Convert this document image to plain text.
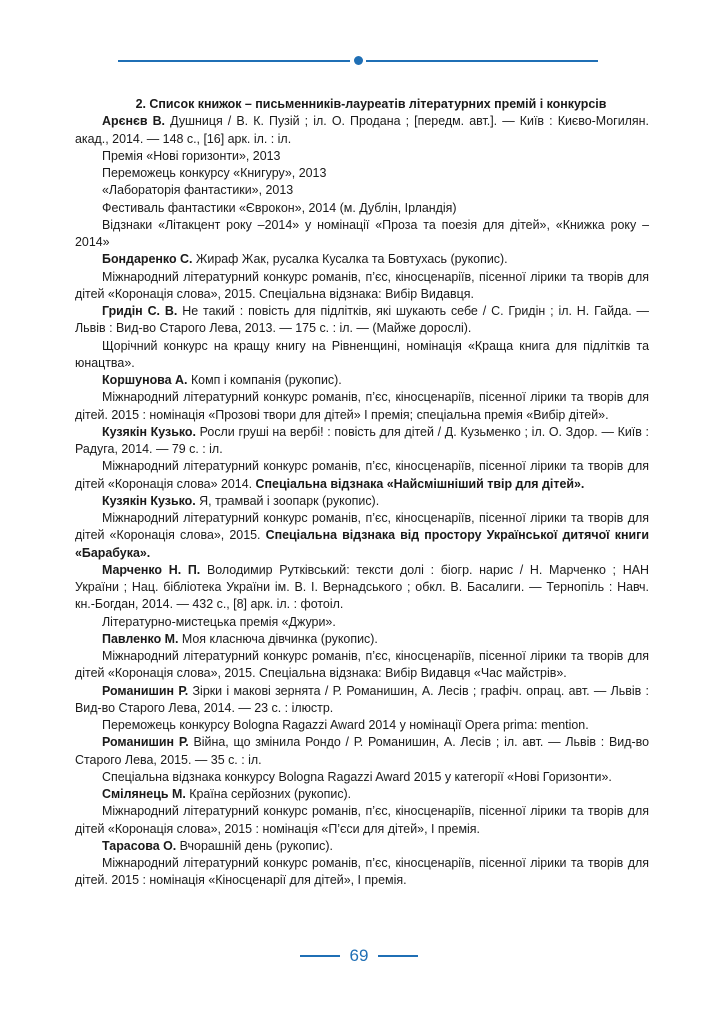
2. Список книжок – письменників-лауреатів літературних премій і конкурсів

Арєнєв В. Душниця / В. К. Пузій ; іл. О. Продана ; [передм. авт.]. — Київ : Києво-Могилян. акад., 2014. — 148 с., [16] арк. іл. : іл.

Премія «Нові горизонти», 2013

Переможець конкурсу «Книгуру», 2013

«Лабораторія фантастики», 2013

Фестиваль фантастики «Єврокон», 2014 (м. Дублін, Ірландія)

Відзнаки «Літакцент року –2014» у номінації «Проза та поезія для дітей», «Книжка року – 2014»

Бондаренко С. Жираф Жак, русалка Кусалка та Бовтухась (рукопис).

Міжнародний літературний конкурс романів, п’єс, кіносценаріїв, пісенної лірики та творів для дітей «Коронація слова», 2015. Спеціальна відзнака: Вибір Видавця.

Гридін С. В. Не такий : повість для підлітків, які шукають себе / С. Гридін ; іл. Н. Гайда. — Львів : Вид-во Старого Лева, 2013. — 175 с. : іл. — (Майже дорослі).

Щорічний конкурс на кращу книгу на Рівненщині, номінація «Краща книга для підлітків та юнацтва».

Коршунова А. Комп і компанія (рукопис).

Міжнародний літературний конкурс романів, п’єс, кіносценаріїв, пісенної лірики та творів для дітей. 2015 : номінація «Прозові твори для дітей» І премія; спеціальна премія «Вибір дітей».

Кузякін Кузько. Росли груші на вербі! : повість для дітей / Д. Кузьменко ; іл. О. Здор. — Київ : Радуга, 2014. — 79 с. : іл.

Міжнародний літературний конкурс романів, п’єс, кіносценаріїв, пісенної лірики та творів для дітей «Коронація слова» 2014. Спеціальна відзнака «Найсмішніший твір для дітей».

Кузякін Кузько. Я, трамвай і зоопарк (рукопис).

Міжнародний літературний конкурс романів, п’єс, кіносценаріїв, пісенної лірики та творів для дітей «Коронація слова», 2015. Спеціальна відзнака від простору Української дитячої книги «Барабука».

Марченко Н. П. Володимир Рутківський: тексти долі : біогр. нарис / Н. Марченко ; НАН України ; Нац. бібліотека України ім. В. І. Вернадського ; обкл. В. Басалиги. — Тернопіль : Навч. кн.-Богдан, 2014. — 432 с., [8] арк. іл. : фотоіл.

Літературно-мистецька премія «Джури».

Павленко М. Моя класнюча дівчинка (рукопис).

Міжнародний літературний конкурс романів, п’єс, кіносценаріїв, пісенної лірики та творів для дітей «Коронація слова», 2015. Спеціальна відзнака: Вибір Видавця «Час майстрів».

Романишин Р. Зірки і макові зернята / Р. Романишин, А. Лесів ; графіч. опрац. авт. — Львів : Вид-во Старого Лева, 2014. — 23 с. : ілюстр.

Переможець конкурсу Bologna Ragazzi Award 2014 у номінації Opera prima: mention.

Романишин Р. Війна, що змінила Рондо / Р. Романишин, А. Лесів ; іл. авт. — Львів : Вид-во Старого Лева, 2015. — 35 с. : іл.

Спеціальна відзнака конкурсу Bologna Ragazzi Award 2015 у категорії «Нові Горизонти».

Смілянець М. Країна серйозних (рукопис).

Міжнародний літературний конкурс романів, п’єс, кіносценаріїв, пісенної лірики та творів для дітей «Коронація слова», 2015 : номінація «П’єси для дітей», І премія.

Тарасова О. Вчорашній день (рукопис).

Міжнародний літературний конкурс романів, п’єс, кіносценаріїв, пісенної лірики та творів для дітей. 2015 : номінація «Кіносценарії для дітей», І премія.

69
